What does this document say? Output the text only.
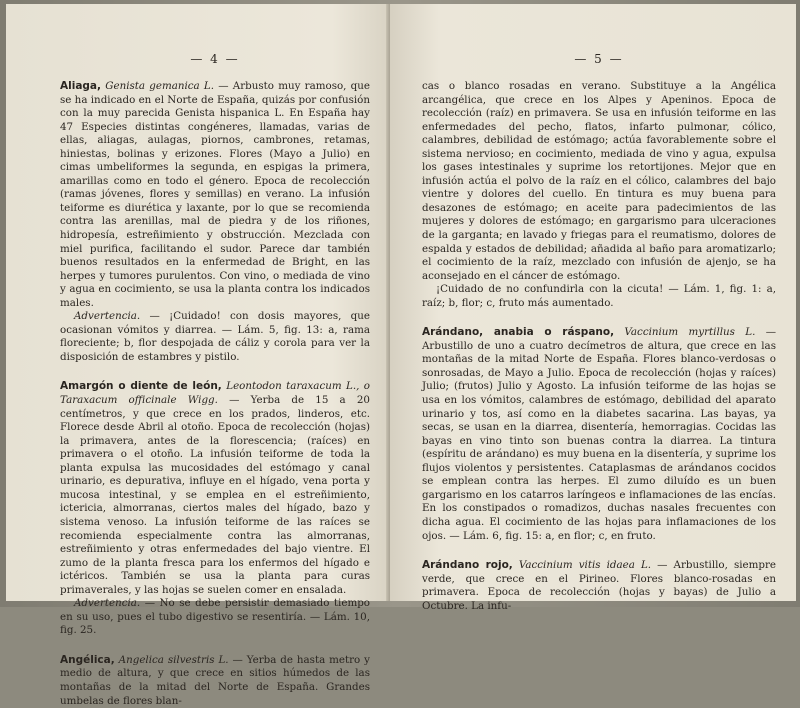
— 4 —

Aliaga, Genista gemanica L. — Arbusto muy ramoso, que se ha indicado en el Norte de España, quizás por confusión con la muy parecida Genista hispanica L. En España hay 47 Especies distintas congéneres, llamadas, varias de ellas, aliagas, aulagas, piornos, cambrones, retamas, hiniestas, bolinas y erizones. Flores (Mayo a Julio) en cimas umbeliformes la segunda, en espigas la primera, amarillas como en todo el género. Epoca de recolección (ramas jóvenes, flores y semillas) en verano. La infusión teiforme es diurética y laxante, por lo que se recomienda contra las arenillas, mal de piedra y de los riñones, hidropesía, estreñimiento y obstrucción. Mezclada con miel purifica, facilitando el sudor. Parece dar también buenos resultados en la enfermedad de Bright, en las herpes y tumores purulentos. Con vino, o mediada de vino y agua en cocimiento, se usa la planta contra los indicados males.

Advertencia. — ¡Cuidado! con dosis mayores, que ocasionan vómitos y diarrea. — Lám. 5, fig. 13: a, rama floreciente; b, flor despojada de cáliz y corola para ver la disposición de estambres y pistilo.

Amargón o diente de león, Leontodon taraxacum L., o Taraxacum officinale Wigg. — Yerba de 15 a 20 centímetros, y que crece en los prados, linderos, etc. Florece desde Abril al otoño. Epoca de recolección (hojas) la primavera, antes de la florescencia; (raíces) en primavera o el otoño. La infusión teiforme de toda la planta expulsa las mucosidades del estómago y canal urinario, es depurativa, influye en el hígado, vena porta y mucosa intestinal, y se emplea en el estreñimiento, ictericia, almorranas, ciertos males del hígado, bazo y sistema venoso. La infusión teiforme de las raíces se recomienda especialmente contra las almorranas, estreñimiento y otras enfermedades del bajo vientre. El zumo de la planta fresca para los enfermos del hígado e ictéricos. También se usa la planta para curas primaverales, y las hojas se suelen comer en ensalada.

Advertencia. — No se debe persistir demasiado tiempo en su uso, pues el tubo digestivo se resentiría. — Lám. 10, fig. 25.

Angélica, Angelica silvestris L. — Yerba de hasta metro y medio de altura, y que crece en sitios húmedos de las montañas de la mitad del Norte de España. Grandes umbelas de flores blan-

— 5 —

cas o blanco rosadas en verano. Substituye a la Angélica arcangélica, que crece en los Alpes y Apeninos. Epoca de recolección (raíz) en primavera. Se usa en infusión teiforme en las enfermedades del pecho, flatos, infarto pulmonar, cólico, calambres, debilidad de estómago; actúa favorablemente sobre el sistema nervioso; en cocimiento, mediada de vino y agua, expulsa los gases intestinales y suprime los retortijones. Mejor que en infusión actúa el polvo de la raíz en el cólico, calambres del bajo vientre y dolores del cuello. En tintura es muy buena para desazones de estómago; en aceite para padecimientos de las mujeres y dolores de estómago; en gargarismo para ulceraciones de la garganta; en lavado y friegas para el reumatismo, dolores de espalda y estados de debilidad; añadida al baño para aromatizarlo; el cocimiento de la raíz, mezclado con infusión de ajenjo, se ha aconsejado en el cáncer de estómago.

¡Cuidado de no confundirla con la cicuta! — Lám. 1, fig. 1: a, raíz; b, flor; c, fruto más aumentado.

Arándano, anabia o ráspano, Vaccinium myrtillus L. — Arbustillo de uno a cuatro decímetros de altura, que crece en las montañas de la mitad Norte de España. Flores blanco-verdosas o sonrosadas, de Mayo a Julio. Epoca de recolección (hojas y raíces) Julio; (frutos) Julio y Agosto. La infusión teiforme de las hojas se usa en los vómitos, calambres de estómago, debilidad del aparato urinario y tos, así como en la diabetes sacarina. Las bayas, ya secas, se usan en la diarrea, disentería, hemorragias. Cocidas las bayas en vino tinto son buenas contra la diarrea. La tintura (espíritu de arándano) es muy buena en la disentería, y suprime los flujos violentos y persistentes. Cataplasmas de arándanos cocidos se emplean contra las herpes. El zumo diluído es un buen gargarismo en los catarros laríngeos e inflamaciones de las encías. En los constipados o romadizos, duchas nasales frecuentes con dicha agua. El cocimiento de las hojas para inflamaciones de los ojos. — Lám. 6, fig. 15: a, en flor; c, en fruto.

Arándano rojo, Vaccinium vitis idaea L. — Arbustillo, siempre verde, que crece en el Pirineo. Flores blanco-rosadas en primavera. Epoca de recolección (hojas y bayas) de Julio a Octubre. La infu-
